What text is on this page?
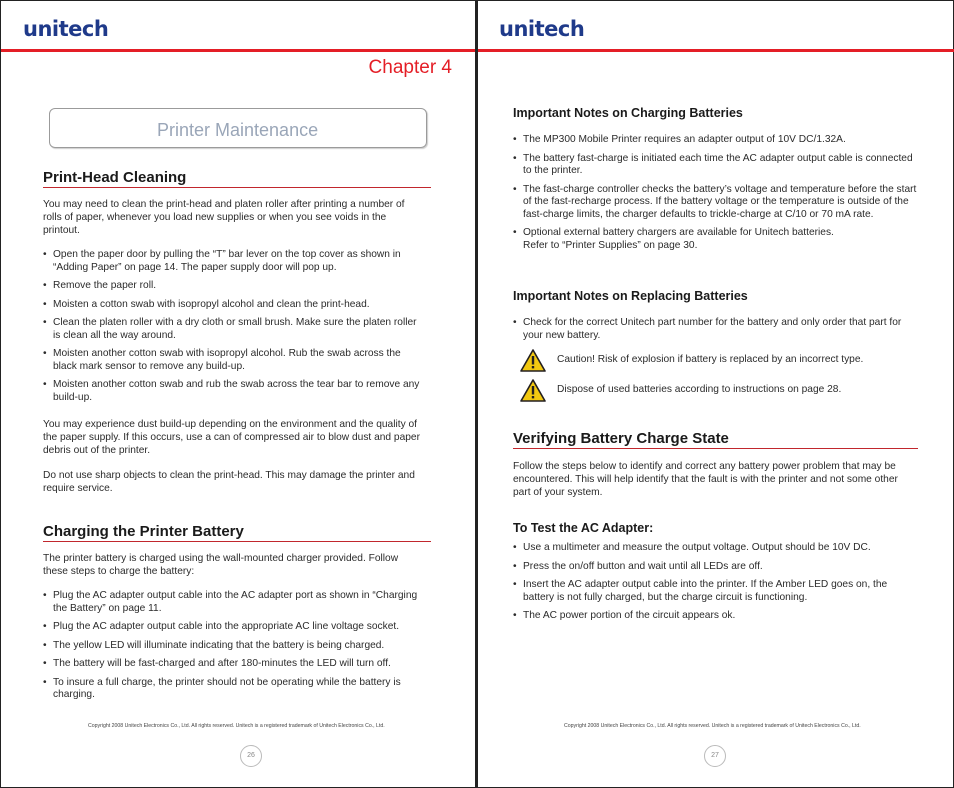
unitech
Chapter 4
Printer Maintenance
Print-Head Cleaning

You may need to clean the print-head and platen roller after printing a number of rolls of paper, whenever you load new supplies or when you see voids in the printout.

• Open the paper door by pulling the “T” bar lever on the top cover as shown in “Adding Paper” on page 14. The paper supply door will pop up.
• Remove the paper roll.
• Moisten a cotton swab with isopropyl alcohol and clean the print-head.
• Clean the platen roller with a dry cloth or small brush. Make sure the platen roller is clean all the way around.
• Moisten another cotton swab with isopropyl alcohol. Rub the swab across the black mark sensor to remove any build-up.
• Moisten another cotton swab and rub the swab across the tear bar to remove any build-up.

You may experience dust build-up depending on the environment and the quality of the paper supply. If this occurs, use a can of compressed air to blow dust and paper debris out of the printer.

Do not use sharp objects to clean the print-head. This may damage the printer and require service.

Charging the Printer Battery

The printer battery is charged using the wall-mounted charger provided. Follow these steps to charge the battery:

• Plug the AC adapter output cable into the AC adapter port as shown in “Charging the Battery” on page 11.
• Plug the AC adapter output cable into the appropriate AC line voltage socket.
• The yellow LED will illuminate indicating that the battery is being charged.
• The battery will be fast-charged and after 180-minutes the LED will turn off.
• To insure a full charge, the printer should not be operating while the battery is charging.
Copyright 2008 Unitech Electronics Co., Ltd. All rights reserved. Unitech is a registered trademark of Unitech Electronics Co., Ltd.
26
unitech
Important Notes on Charging Batteries
• The MP300 Mobile Printer requires an adapter output of 10V DC/1.32A.
• The battery fast-charge is initiated each time the AC adapter output cable is connected to the printer.
• The fast-charge controller checks the battery’s voltage and temperature before the start of the fast-recharge process. If the battery voltage or the temperature is outside of the fast-charge limits, the charger defaults to trickle-charge at C/10 or 70 mA rate.
• Optional external battery chargers are available for Unitech batteries.
Refer to “Printer Supplies” on page 30.
Important Notes on Replacing Batteries
• Check for the correct Unitech part number for the battery and only order that part for your new battery.
Caution! Risk of explosion if battery is replaced by an incorrect type.
Dispose of used batteries according to instructions on page 28.
Verifying Battery Charge State

Follow the steps below to identify and correct any battery power problem that may be encountered. This will help identify that the fault is with the printer and not some other part of your system.

To Test the AC Adapter:
• Use a multimeter and measure the output voltage. Output should be 10V DC.
• Press the on/off button and wait until all LEDs are off.
• Insert the AC adapter output cable into the printer. If the Amber LED goes on, the battery is not fully charged, but the charge circuit is functioning.
• The AC power portion of the circuit appears ok.
Copyright 2008 Unitech Electronics Co., Ltd. All rights reserved. Unitech is a registered trademark of Unitech Electronics Co., Ltd.
27
